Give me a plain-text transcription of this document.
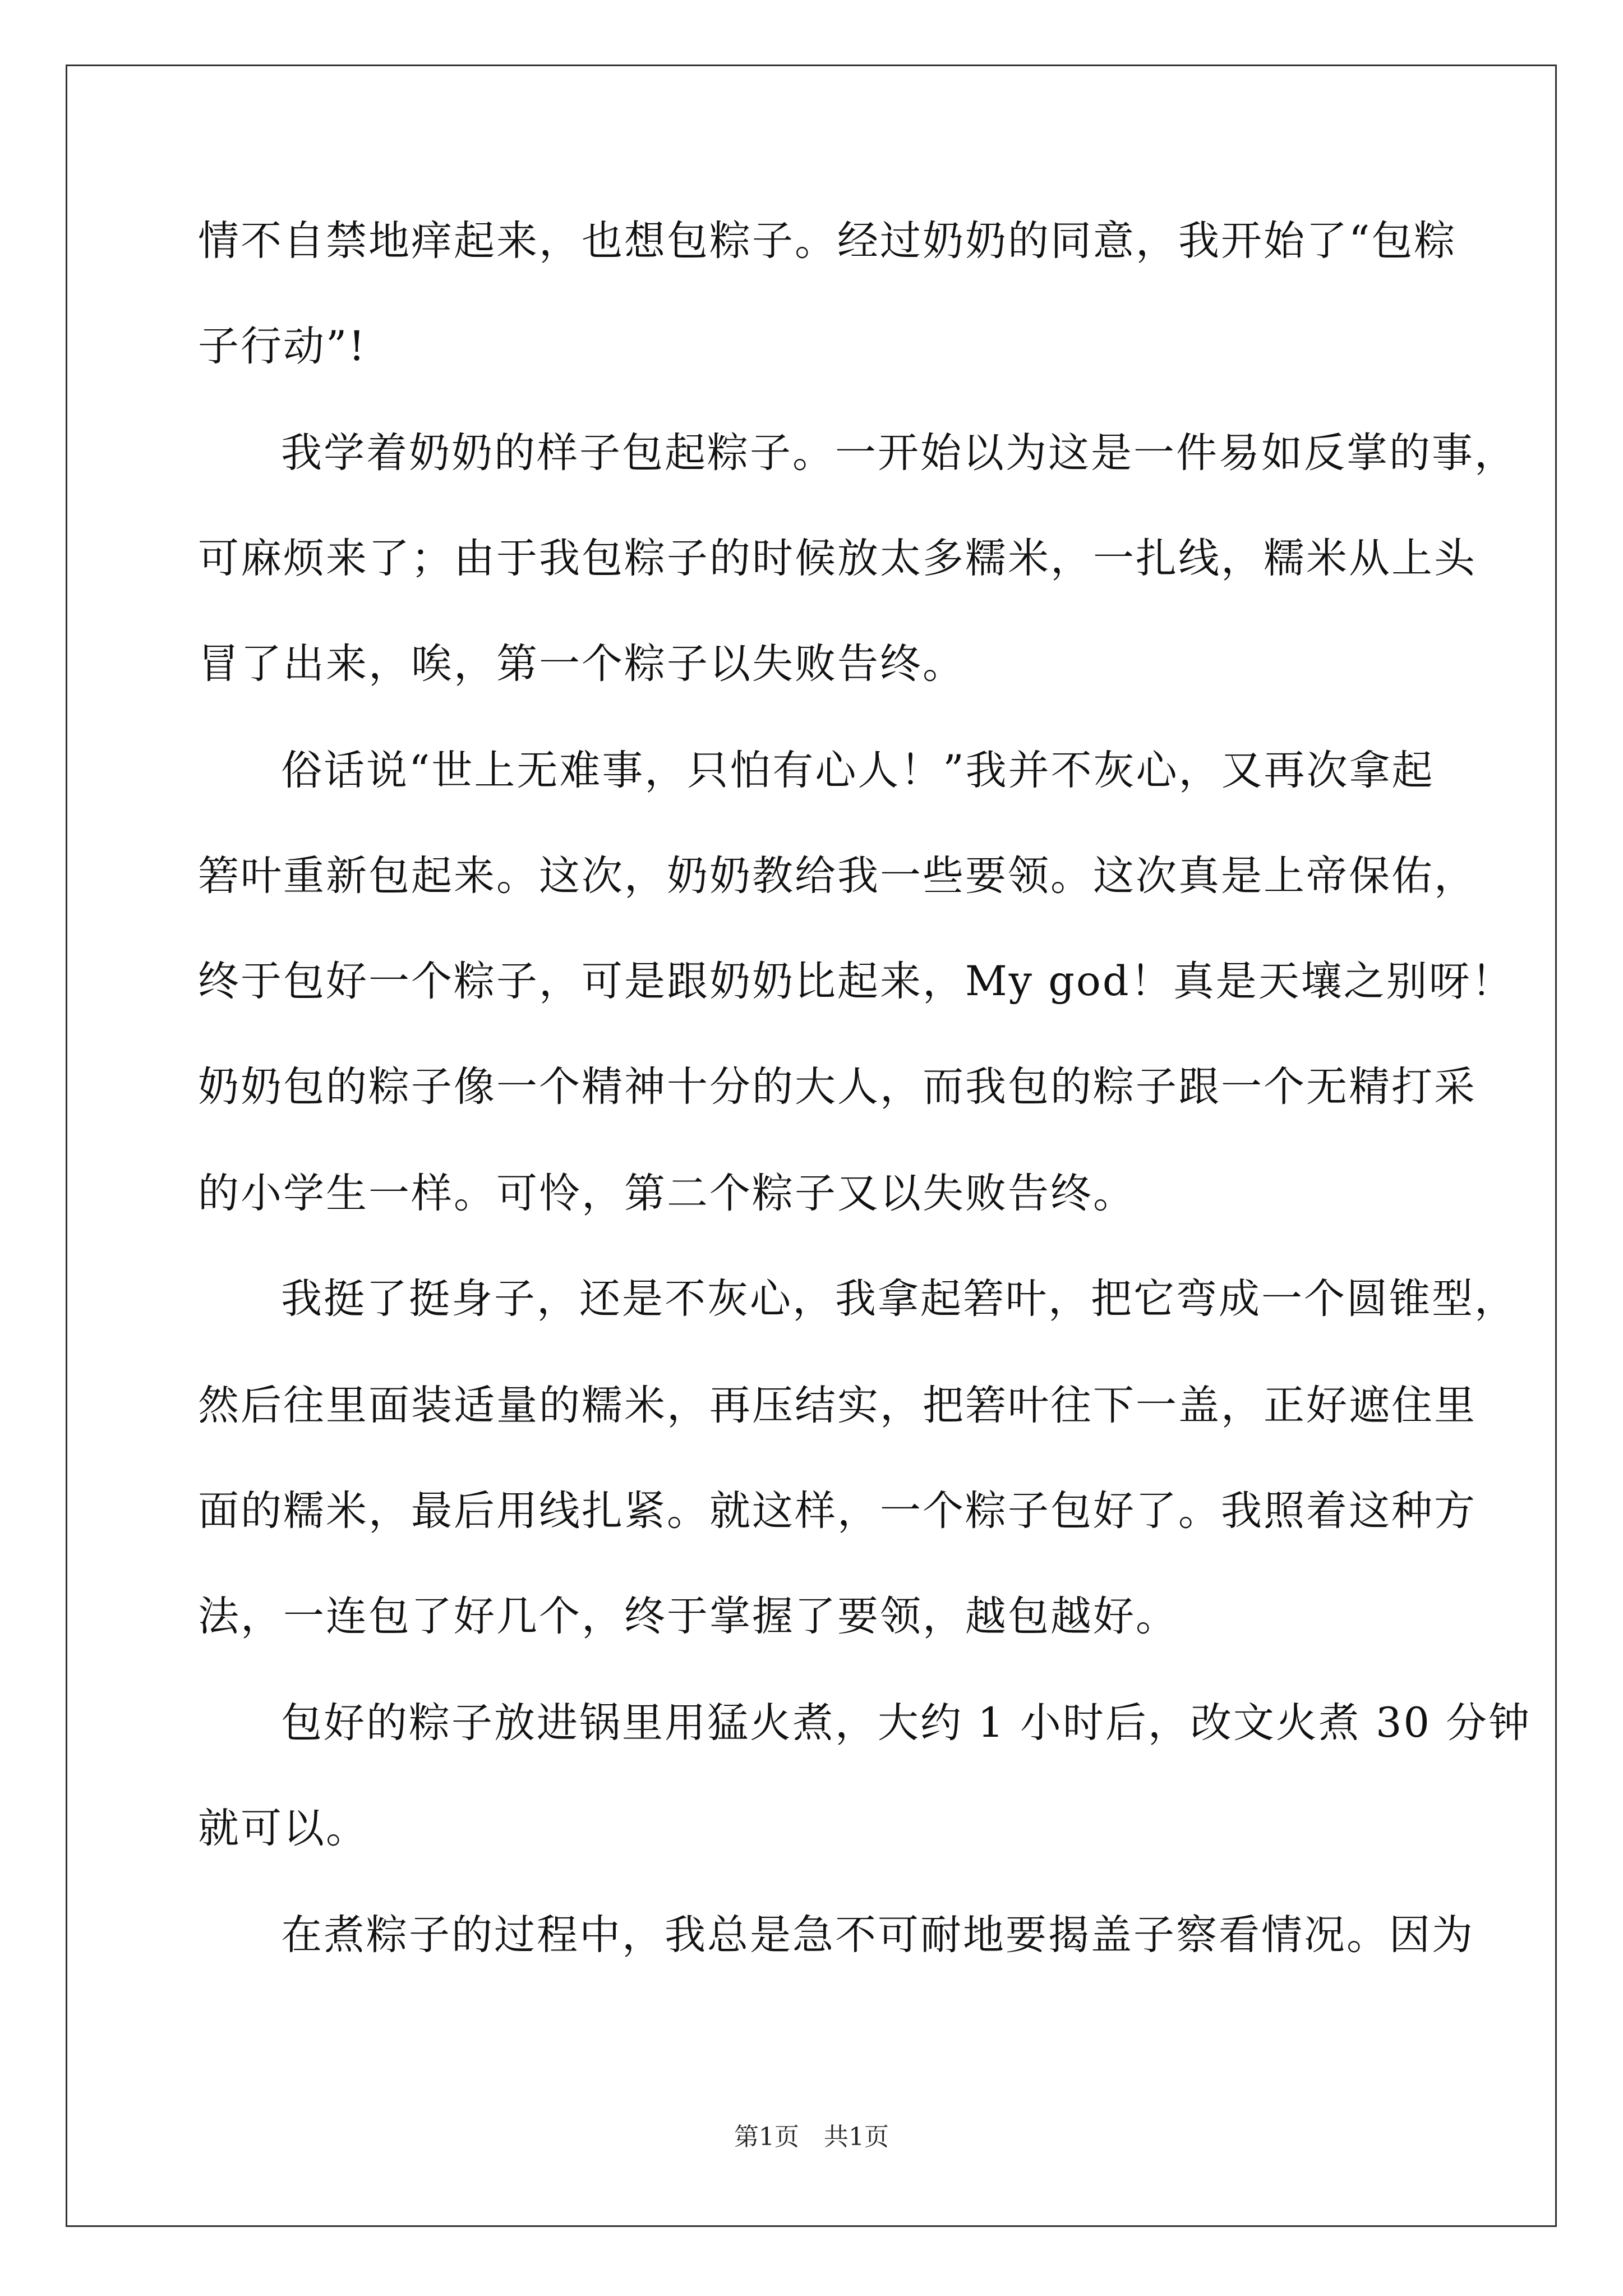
情不自禁地痒起来，也想包粽子。经过奶奶的同意，我开始了“包粽
子行动”!
我学着奶奶的样子包起粽子。一开始以为这是一件易如反掌的事，
可麻烦来了；由于我包粽子的时候放太多糯米，一扎线，糯米从上头
冒了出来，唉，第一个粽子以失败告终。
俗话说“世上无难事，只怕有心人！”我并不灰心，又再次拿起
箬叶重新包起来。这次，奶奶教给我一些要领。这次真是上帝保佑，
终于包好一个粽子，可是跟奶奶比起来，My god！真是天壤之别呀！
奶奶包的粽子像一个精神十分的大人，而我包的粽子跟一个无精打采
的小学生一样。可怜，第二个粽子又以失败告终。
我挺了挺身子，还是不灰心，我拿起箬叶，把它弯成一个圆锥型，
然后往里面装适量的糯米，再压结实，把箬叶往下一盖，正好遮住里
面的糯米，最后用线扎紧。就这样，一个粽子包好了。我照着这种方
法，一连包了好几个，终于掌握了要领，越包越好。
包好的粽子放进锅里用猛火煮，大约 1 小时后，改文火煮 30 分钟
就可以。
在煮粽子的过程中，我总是急不可耐地要揭盖子察看情况。因为
第1页　共1页
